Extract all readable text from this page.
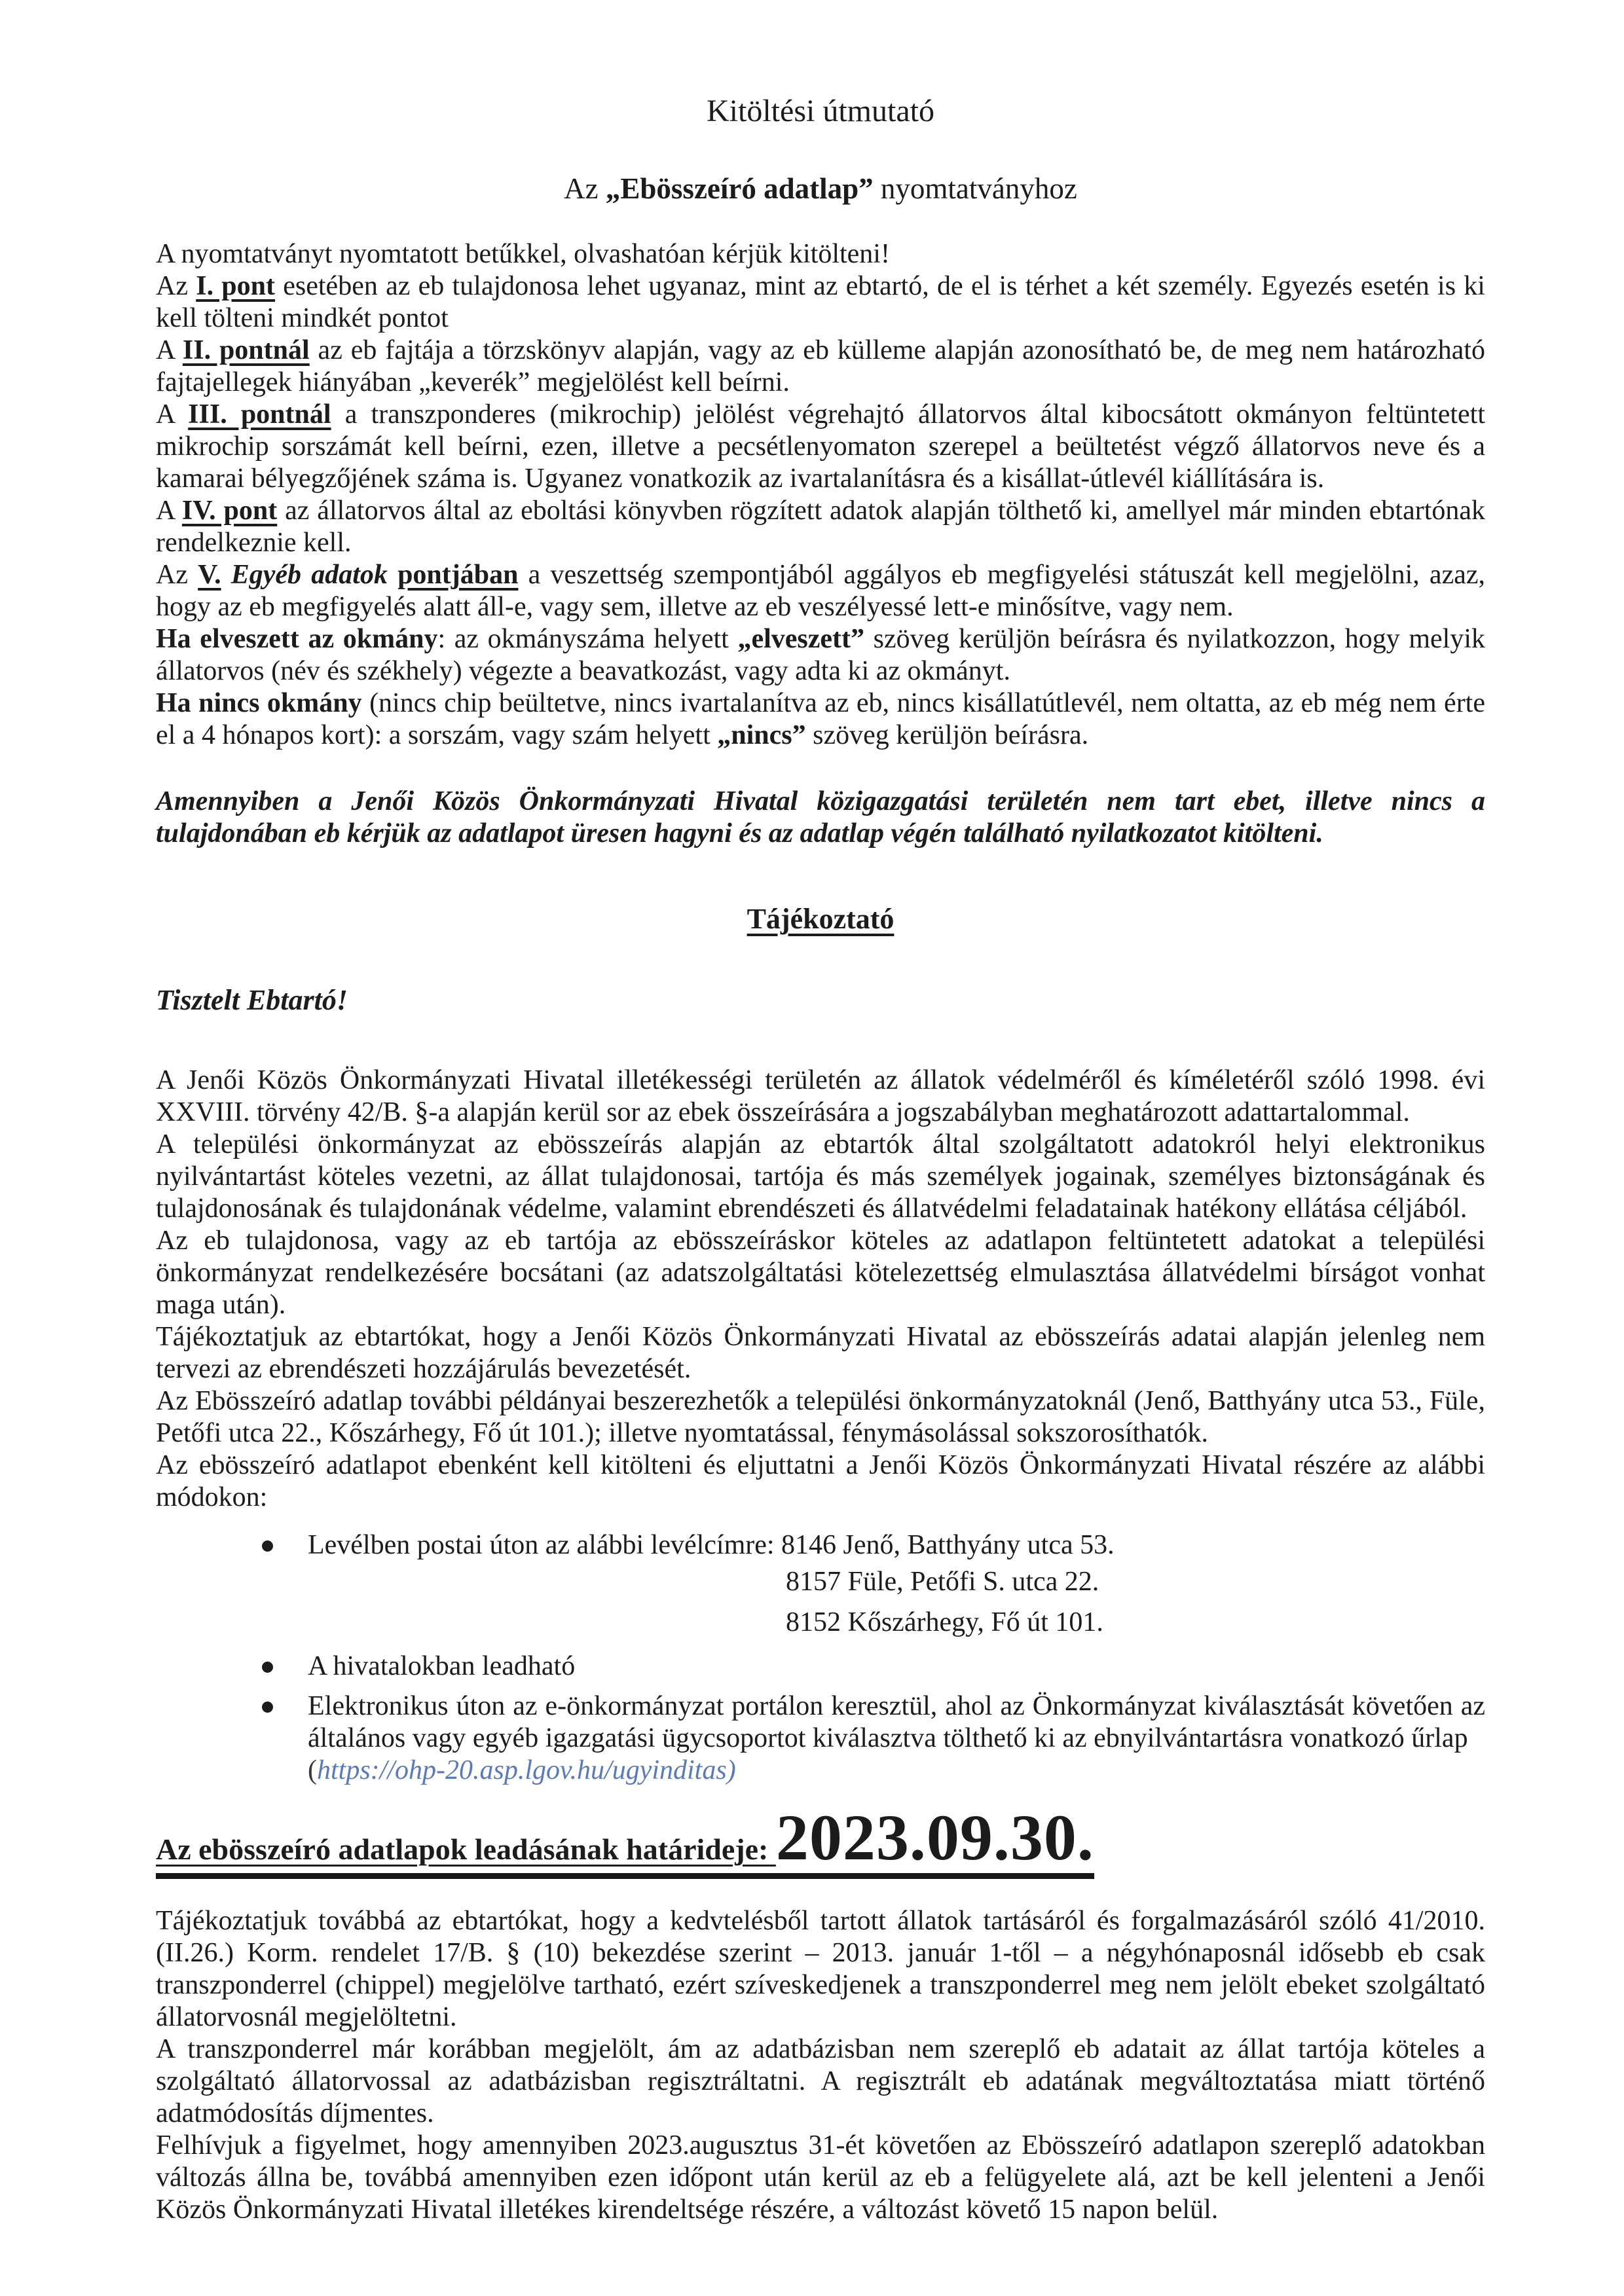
Kitöltési útmutató
Az „Ebösszeíró adatlap” nyomtatványhoz

A nyomtatványt nyomtatott betűkkel, olvashatóan kérjük kitölteni!

Az I. pont esetében az eb tulajdonosa lehet ugyanaz, mint az ebtartó, de el is térhet a két személy. Egyezés esetén is ki kell tölteni mindkét pontot

A II. pontnál az eb fajtája a törzskönyv alapján, vagy az eb külleme alapján azonosítható be, de meg nem határozható fajtajellegek hiányában „keverék” megjelölést kell beírni.

A III. pontnál a transzponderes (mikrochip) jelölést végrehajtó állatorvos által kibocsátott okmányon feltüntetett mikrochip sorszámát kell beírni, ezen, illetve a pecsétlenyomaton szerepel a beültetést végző állatorvos neve és a kamarai bélyegzőjének száma is. Ugyanez vonatkozik az ivartalanításra és a kisállat-útlevél kiállítására is.

A IV. pont az állatorvos által az eboltási könyvben rögzített adatok alapján tölthető ki, amellyel már minden ebtartónak rendelkeznie kell.

Az V. Egyéb adatok pontjában a veszettség szempontjából aggályos eb megfigyelési státuszát kell megjelölni, azaz, hogy az eb megfigyelés alatt áll-e, vagy sem, illetve az eb veszélyessé lett-e minősítve, vagy nem.

Ha elveszett az okmány: az okmányszáma helyett „elveszett” szöveg kerüljön beírásra és nyilatkozzon, hogy melyik állatorvos (név és székhely) végezte a beavatkozást, vagy adta ki az okmányt.

Ha nincs okmány (nincs chip beültetve, nincs ivartalanítva az eb, nincs kisállatútlevél, nem oltatta, az eb még nem érte el a 4 hónapos kort): a sorszám, vagy szám helyett „nincs” szöveg kerüljön beírásra.

Amennyiben a Jenői Közös Önkormányzati Hivatal közigazgatási területén nem tart ebet, illetve nincs a tulajdonában eb kérjük az adatlapot üresen hagyni és az adatlap végén található nyilatkozatot kitölteni.

Tájékoztató

Tisztelt Ebtartó!

A Jenői Közös Önkormányzati Hivatal illetékességi területén az állatok védelméről és kíméletéről szóló 1998. évi XXVIII. törvény 42/B. §-a alapján kerül sor az ebek összeírására a jogszabályban meghatározott adattartalommal.

A települési önkormányzat az ebösszeírás alapján az ebtartók által szolgáltatott adatokról helyi elektronikus nyilvántartást köteles vezetni, az állat tulajdonosai, tartója és más személyek jogainak, személyes biztonságának és tulajdonosának és tulajdonának védelme, valamint ebrendészeti és állatvédelmi feladatainak hatékony ellátása céljából.

Az eb tulajdonosa, vagy az eb tartója az ebösszeíráskor köteles az adatlapon feltüntetett adatokat a települési önkormányzat rendelkezésére bocsátani (az adatszolgáltatási kötelezettség elmulasztása állatvédelmi bírságot vonhat maga után).

Tájékoztatjuk az ebtartókat, hogy a Jenői Közös Önkormányzati Hivatal az ebösszeírás adatai alapján jelenleg nem tervezi az ebrendészeti hozzájárulás bevezetését.

Az Ebösszeíró adatlap további példányai beszerezhetők a települési önkormányzatoknál (Jenő, Batthyány utca 53., Füle, Petőfi utca 22., Kőszárhegy, Fő út 101.); illetve nyomtatással, fénymásolással sokszorosíthatók.

Az ebösszeíró adatlapot ebenként kell kitölteni és eljuttatni a Jenői Közös Önkormányzati Hivatal részére az alábbi módokon:

Levélben postai úton az alábbi levélcímre: 8146 Jenő, Batthyány utca 53.
8157 Füle, Petőfi S. utca 22.
8152 Kőszárhegy, Fő út 101.
A hivatalokban leadható
Elektronikus úton az e-önkormányzat portálon keresztül, ahol az Önkormányzat kiválasztását követően az általános vagy egyéb igazgatási ügycsoportot kiválasztva tölthető ki az ebnyilvántartásra vonatkozó űrlap
(https://ohp-20.asp.lgov.hu/ugyinditas)
Az ebösszeíró adatlapok leadásának határideje: 2023.09.30.

Tájékoztatjuk továbbá az ebtartókat, hogy a kedvtelésből tartott állatok tartásáról és forgalmazásáról szóló 41/2010. (II.26.) Korm. rendelet 17/B. § (10) bekezdése szerint – 2013. január 1-től – a négyhónaposnál idősebb eb csak transzponderrel (chippel) megjelölve tartható, ezért szíveskedjenek a transzponderrel meg nem jelölt ebeket szolgáltató állatorvosnál megjelöltetni.

A transzponderrel már korábban megjelölt, ám az adatbázisban nem szereplő eb adatait az állat tartója köteles a szolgáltató állatorvossal az adatbázisban regisztráltatni. A regisztrált eb adatának megváltoztatása miatt történő adatmódosítás díjmentes.

Felhívjuk a figyelmet, hogy amennyiben 2023.augusztus 31-ét követően az Ebösszeíró adatlapon szereplő adatokban változás állna be, továbbá amennyiben ezen időpont után kerül az eb a felügyelete alá, azt be kell jelenteni a Jenői Közös Önkormányzati Hivatal illetékes kirendeltsége részére, a változást követő 15 napon belül.
